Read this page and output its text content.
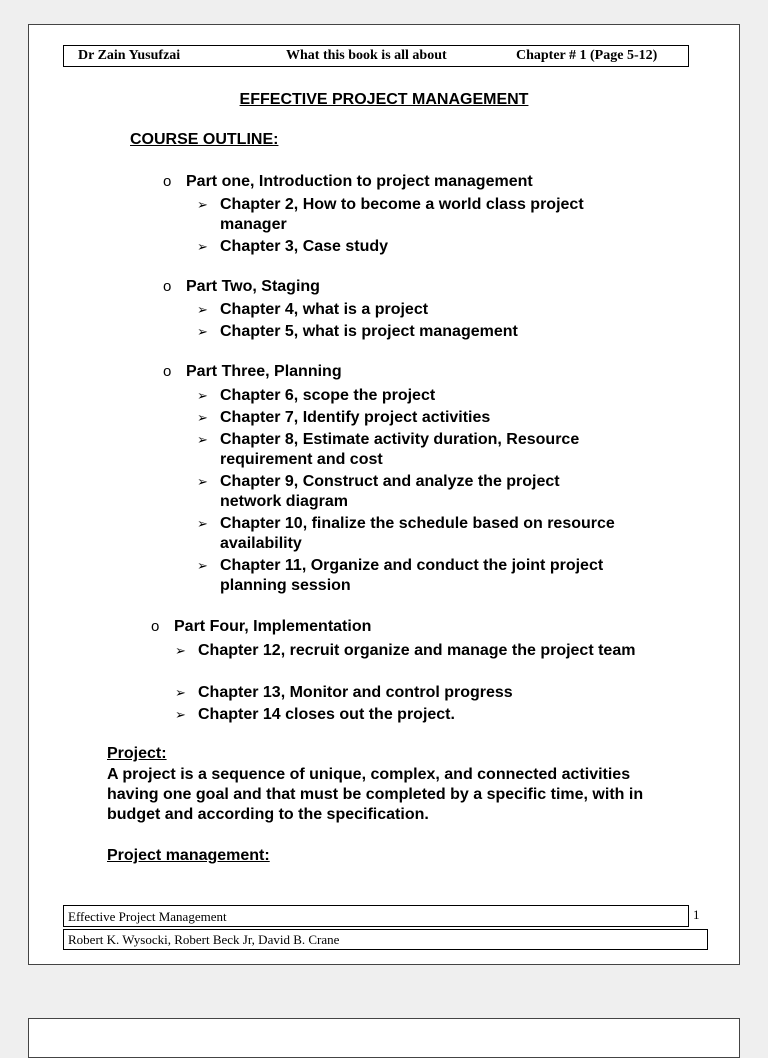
Dr Zain Yusufzai	What this book is all about	Chapter # 1 (Page 5-12)
EFFECTIVE PROJECT MANAGEMENT
COURSE OUTLINE:
o Part one, Introduction to project management
➢ Chapter 2, How to become a world class project manager
➢ Chapter 3, Case study
o Part Two, Staging
➢ Chapter 4, what is a project
➢ Chapter 5, what is project management
o Part Three, Planning
➢ Chapter 6, scope the project
➢ Chapter 7, Identify project activities
➢ Chapter 8, Estimate activity duration, Resource requirement and cost
➢ Chapter 9, Construct and analyze the project network diagram
➢ Chapter 10, finalize the schedule based on resource availability
➢ Chapter 11, Organize and conduct the joint project planning session
o Part Four, Implementation
➢ Chapter 12, recruit organize and manage the project team
➢ Chapter 13, Monitor and control progress
➢ Chapter 14 closes out the project.
Project:
A project is a sequence of unique, complex, and connected activities having one goal and that must be completed by a specific time, with in budget and according to the specification.
Project management:
Effective Project Management	1
Robert K. Wysocki, Robert Beck Jr, David B. Crane
